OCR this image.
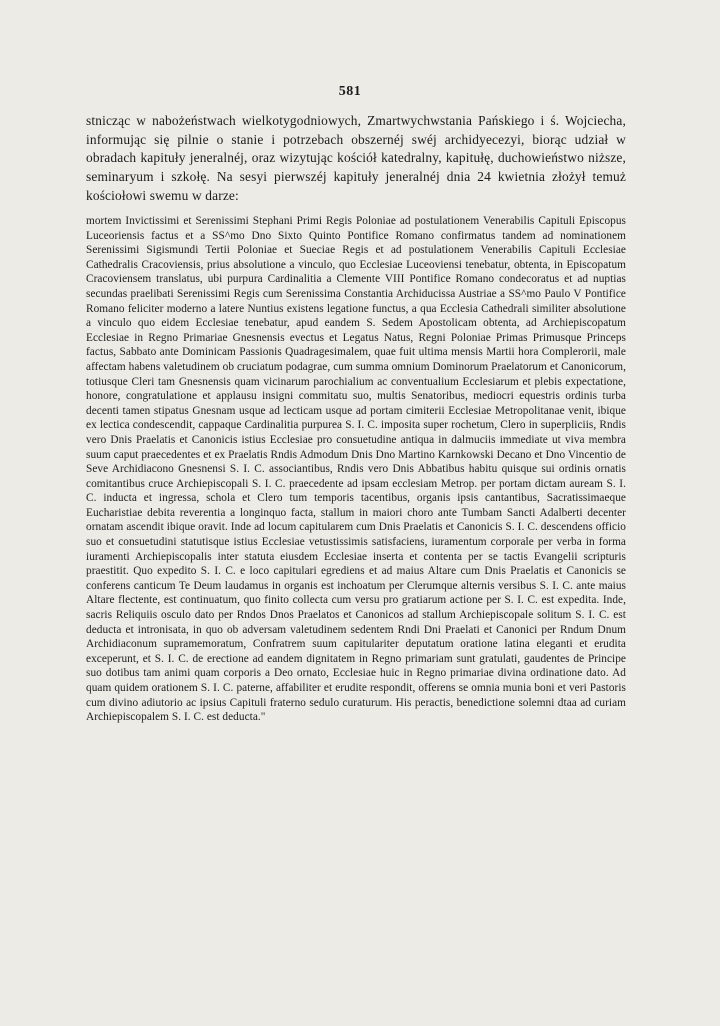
581

stnicząc w nabożeństwach wielkotygodniowych, Zmartwychwstania Pańskiego i ś. Wojciecha, informując się pilnie o stanie i potrzebach obszernéj swéj archidyecezyi, biorąc udział w obradach kapituły jeneralnéj, oraz wizytując kościół katedralny, kapitułę, duchowieństwo niższe, seminaryum i szkołę. Na sesyi pierwszéj kapituły jeneralnéj dnia 24 kwietnia złożył temuż kościołowi swemu w darze:

mortem Invictissimi et Serenissimi Stephani Primi Regis Poloniae ad postulationem Venerabilis Capituli Episcopus Luceoriensis factus et a SS^mo Dno Sixto Quinto Pontifice Romano confirmatus tandem ad nominationem Serenissimi Sigismundi Tertii Poloniae et Sueciae Regis et ad postulationem Venerabilis Capituli Ecclesiae Cathedralis Cracoviensis, prius absolutione a vinculo, quo Ecclesiae Luceoviensi tenebatur, obtenta, in Episcopatum Cracoviensem translatus, ubi purpura Cardinalitia a Clemente VIII Pontifice Romano condecoratus et ad nuptias secundas praelibati Serenissimi Regis cum Serenissima Constantia Archiducissa Austriae a SS^mo Paulo V Pontifice Romano feliciter moderno a latere Nuntius existens legatione functus, a qua Ecclesia Cathedrali similiter absolutione a vinculo quo eidem Ecclesiae tenebatur, apud eandem S. Sedem Apostolicam obtenta, ad Archiepiscopatum Ecclesiae in Regno Primariae Gnesnensis evectus et Legatus Natus, Regni Poloniae Primas Primusque Princeps factus, Sabbato ante Dominicam Passionis Quadragesimalem, quae fuit ultima mensis Martii hora Complerorii, male affectam habens valetudinem ob cruciatum podagrae, cum summa omnium Dominorum Praelatorum et Canonicorum, totiusque Cleri tam Gnesnensis quam vicinarum parochialium ac conventualium Ecclesiarum et plebis expectatione, honore, congratulatione et applausu insigni commitatu suo, multis Senatoribus, mediocri equestris ordinis turba decenti tamen stipatus Gnesnam usque ad lecticam usque ad portam cimiterii Ecclesiae Metropolitanae venit, ibique ex lectica condescendit, cappaque Cardinalitia purpurea S. I. C. imposita super rochetum, Clero in superpliciis, Rndis vero Dnis Praelatis et Canonicis istius Ecclesiae pro consuetudine antiqua in dalmuciis immediate ut viva membra suum caput praecedentes et ex Praelatis Rndis Admodum Dnis Dno Martino Karnkowski Decano et Dno Vincentio de Seve Archidiacono Gnesnensi S. I. C. associantibus, Rndis vero Dnis Abbatibus habitu quisque sui ordinis ornatis comitantibus cruce Archiepiscopali S. I. C. praecedente ad ipsam ecclesiam Metrop. per portam dictam auream S. I. C. inducta et ingressa, schola et Clero tum temporis tacentibus, organis ipsis cantantibus, Sacratissimaeque Eucharistiae debita reverentia a longinquo facta, stallum in maiori choro ante Tumbam Sancti Adalberti decenter ornatam ascendit ibique oravit. Inde ad locum capitularem cum Dnis Praelatis et Canonicis S. I. C. descendens officio suo et consuetudini statutisque istius Ecclesiae vetustissimis satisfaciens, iuramentum corporale per verba in forma iuramenti Archiepiscopalis inter statuta eiusdem Ecclesiae inserta et contenta per se tactis Evangelii scripturis praestitit. Quo expedito S. I. C. e loco capitulari egrediens et ad maius Altare cum Dnis Praelatis et Canonicis se conferens canticum Te Deum laudamus in organis est inchoatum per Clerumque alternis versibus S. I. C. ante maius Altare flectente, est continuatum, quo finito collecta cum versu pro gratiarum actione per S. I. C. est expedita. Inde, sacris Reliquiis osculo dato per Rndos Dnos Praelatos et Canonicos ad stallum Archiepiscopale solitum S. I. C. est deducta et intronisata, in quo ob adversam valetudinem sedentem Rndi Dni Praelati et Canonici per Rndum Dnum Archidiaconum supramemoratum, Confratrem suum capitulariter deputatum oratione latina eleganti et erudita exceperunt, et S. I. C. de erectione ad eandem dignitatem in Regno primariam sunt gratulati, gaudentes de Principe suo dotibus tam animi quam corporis a Deo ornato, Ecclesiae huic in Regno primariae divina ordinatione dato. Ad quam quidem orationem S. I. C. paterne, affabiliter et erudite respondit, offerens se omnia munia boni et veri Pastoris cum divino adiutorio ac ipsius Capituli fraterno sedulo curaturum. His peractis, benedictione solemni dtaa ad curiam Archiepiscopalem S. I. C. est deducta."
